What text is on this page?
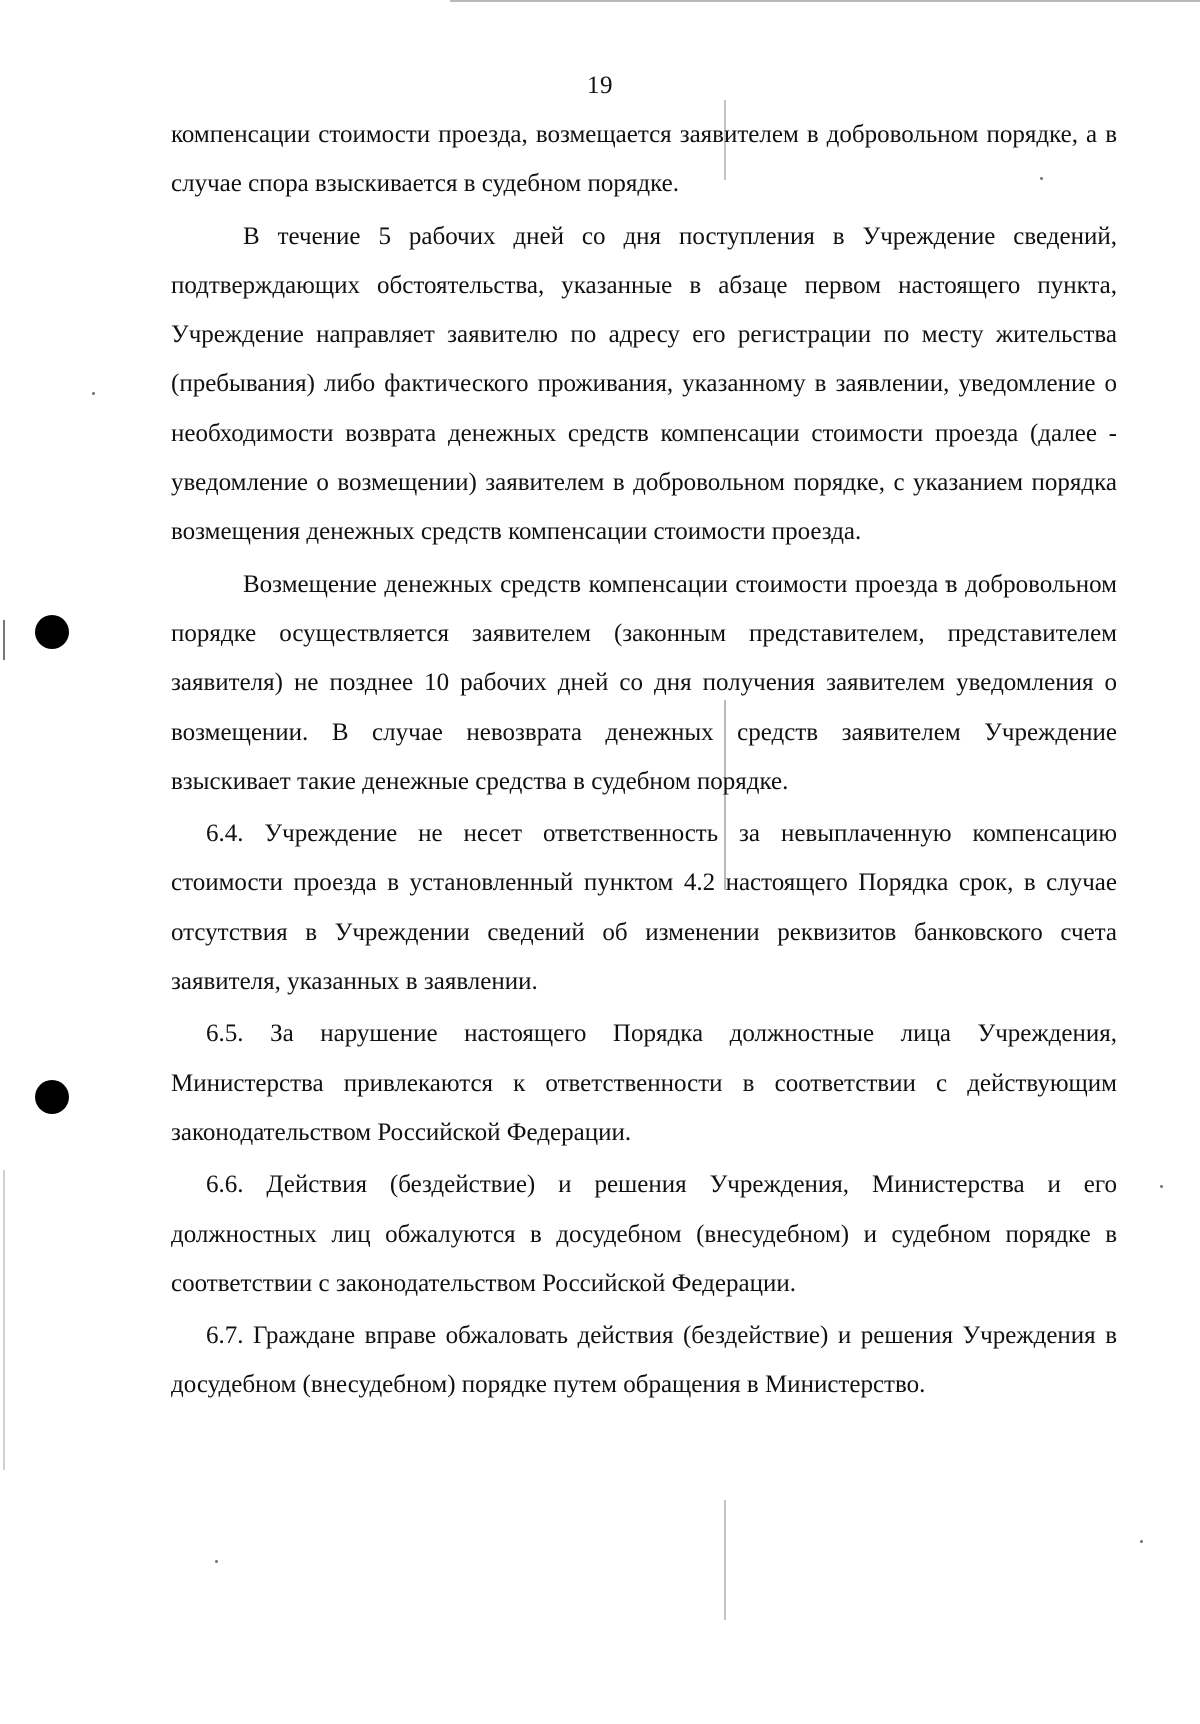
19

компенсации стоимости проезда, возмещается заявителем в добровольном порядке, а в случае спора взыскивается в судебном порядке.

В течение 5 рабочих дней со дня поступления в Учреждение сведений, подтверждающих обстоятельства, указанные в абзаце первом настоящего пункта, Учреждение направляет заявителю по адресу его регистрации по месту жительства (пребывания) либо фактического проживания, указанному в заявлении, уведомление о необходимости возврата денежных средств компенсации стоимости проезда (далее - уведомление о возмещении) заявителем в добровольном порядке, с указанием порядка возмещения денежных средств компенсации стоимости проезда.

Возмещение денежных средств компенсации стоимости проезда в добровольном порядке осуществляется заявителем (законным представителем, представителем заявителя) не позднее 10 рабочих дней со дня получения заявителем уведомления о возмещении. В случае невозврата денежных средств заявителем Учреждение взыскивает такие денежные средства в судебном порядке.

6.4. Учреждение не несет ответственность за невыплаченную компенсацию стоимости проезда в установленный пунктом 4.2 настоящего Порядка срок, в случае отсутствия в Учреждении сведений об изменении реквизитов банковского счета заявителя, указанных в заявлении.

6.5. За нарушение настоящего Порядка должностные лица Учреждения, Министерства привлекаются к ответственности в соответствии с действующим законодательством Российской Федерации.

6.6. Действия (бездействие) и решения Учреждения, Министерства и его должностных лиц обжалуются в досудебном (внесудебном) и судебном порядке в соответствии с законодательством Российской Федерации.

6.7. Граждане вправе обжаловать действия (бездействие) и решения Учреждения в досудебном (внесудебном) порядке путем обращения в Министерство.
